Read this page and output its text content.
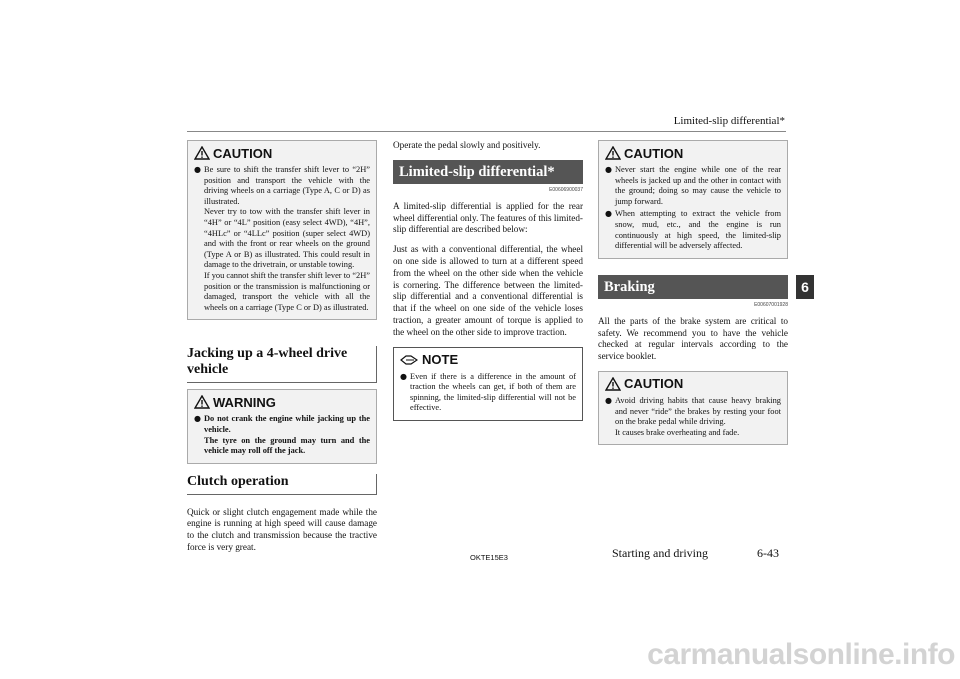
Limited-slip differential*
6
CAUTION
● Be sure to shift the transfer shift lever to “2H” position and transport the vehicle with the driving wheels on a carriage (Type A, C or D) as illustrated.
Never try to tow with the transfer shift lever in “4H” or “4L” position (easy select 4WD), “4H”, “4HLc” or “4LLc” position (super select 4WD) and with the front or rear wheels on the ground (Type A or B) as illustrated. This could result in damage to the drivetrain, or unstable towing.
If you cannot shift the transfer shift lever to “2H” position or the transmission is malfunctioning or damaged, transport the vehicle with all the wheels on a carriage (Type C or D) as illustrated.
Jacking up a 4-wheel drive vehicle
WARNING
● Do not crank the engine while jacking up the vehicle.
The tyre on the ground may turn and the vehicle may roll off the jack.
Clutch operation

Quick or slight clutch engagement made while the engine is running at high speed will cause damage to the clutch and transmission because the tractive force is very great.

Operate the pedal slowly and positively.

Limited-slip differential*
E00606900037

A limited-slip differential is applied for the rear wheel differential only. The features of this limited-slip differential are described below:

Just as with a conventional differential, the wheel on one side is allowed to turn at a different speed from the wheel on the other side when the vehicle is cornering. The difference between the limited-slip differential and a conventional differential is that if the wheel on one side of the vehicle loses traction, a greater amount of torque is applied to the wheel on the other side to improve traction.

NOTE
● Even if there is a difference in the amount of traction the wheels can get, if both of them are spinning, the limited-slip differential will not be effective.
CAUTION
● Never start the engine while one of the rear wheels is jacked up and the other in contact with the ground; doing so may cause the vehicle to jump forward.
● When attempting to extract the vehicle from snow, mud, etc., and the engine is run continuously at high speed, the limited-slip differential will be adversely affected.
Braking
E00607001928

All the parts of the brake system are critical to safety. We recommend you to have the vehicle checked at regular intervals according to the service booklet.

CAUTION
● Avoid driving habits that cause heavy braking and never “ride” the brakes by resting your foot on the brake pedal while driving.
It causes brake overheating and fade.
OKTE15E3	Starting and driving	6-43
carmanualsonline.info
